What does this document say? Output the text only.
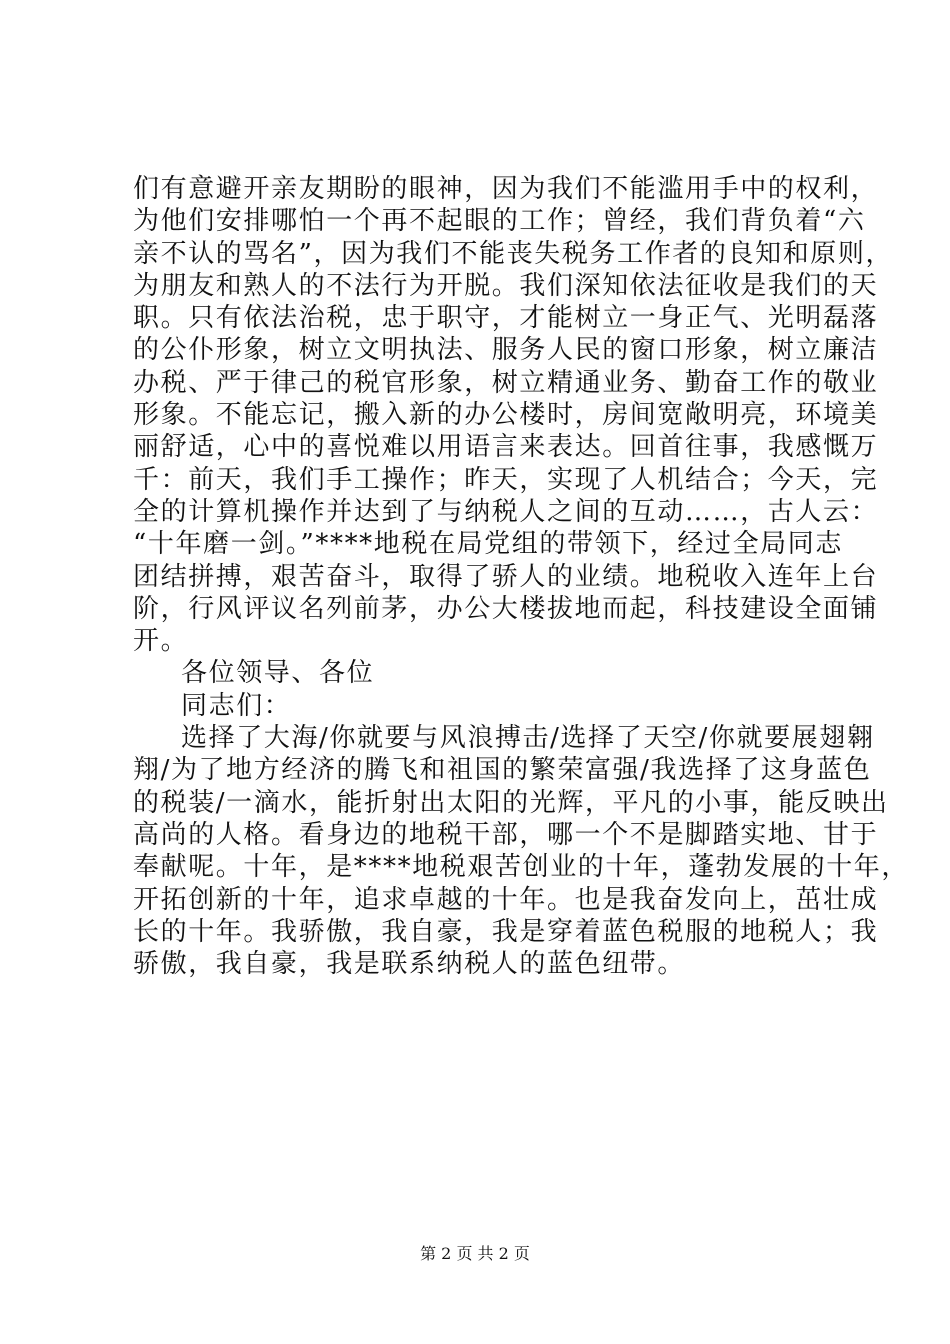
们有意避开亲友期盼的眼神，因为我们不能滥用手中的权利，
为他们安排哪怕一个再不起眼的工作；曾经，我们背负着“六
亲不认的骂名”，因为我们不能丧失税务工作者的良知和原则，
为朋友和熟人的不法行为开脱。我们深知依法征收是我们的天
职。只有依法治税，忠于职守，才能树立一身正气、光明磊落
的公仆形象，树立文明执法、服务人民的窗口形象，树立廉洁
办税、严于律己的税官形象，树立精通业务、勤奋工作的敬业
形象。不能忘记，搬入新的办公楼时，房间宽敞明亮，环境美
丽舒适，心中的喜悦难以用语言来表达。回首往事，我感慨万
千：前天，我们手工操作；昨天，实现了人机结合；今天，完
全的计算机操作并达到了与纳税人之间的互动……，古人云：
“十年磨一剑。”****地税在局党组的带领下，经过全局同志
团结拼搏，艰苦奋斗，取得了骄人的业绩。地税收入连年上台
阶，行风评议名列前茅，办公大楼拔地而起，科技建设全面铺
开。
各位领导、各位
同志们：
选择了大海/你就要与风浪搏击/选择了天空/你就要展翅翱
翔/为了地方经济的腾飞和祖国的繁荣富强/我选择了这身蓝色
的税装/一滴水，能折射出太阳的光辉，平凡的小事，能反映出
高尚的人格。看身边的地税干部，哪一个不是脚踏实地、甘于
奉献呢。十年，是****地税艰苦创业的十年，蓬勃发展的十年，
开拓创新的十年，追求卓越的十年。也是我奋发向上，茁壮成
长的十年。我骄傲，我自豪，我是穿着蓝色税服的地税人；我
骄傲，我自豪，我是联系纳税人的蓝色纽带。
第 2 页 共 2 页
